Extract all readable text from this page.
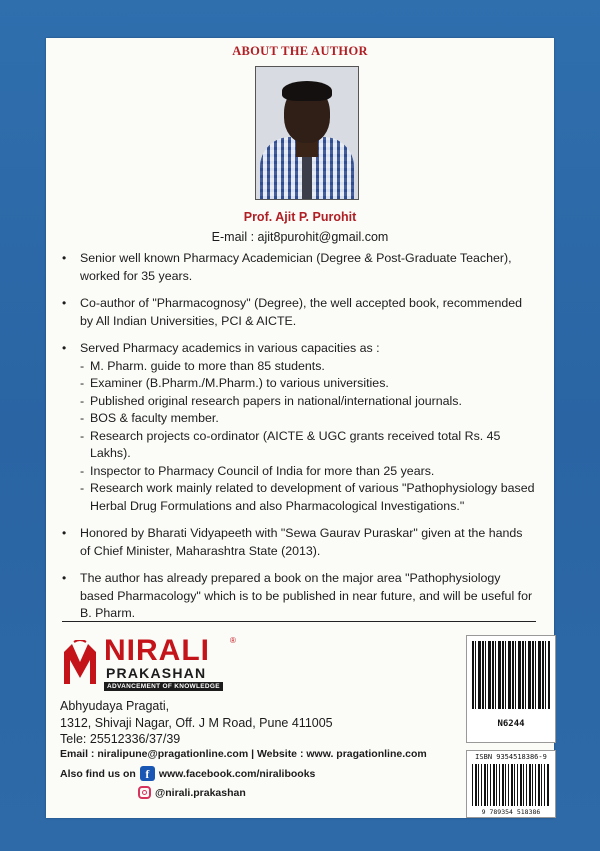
ABOUT THE AUTHOR
Prof. Ajit P. Purohit
E-mail : ajit8purohit@gmail.com
•	Senior well known Pharmacy Academician (Degree & Post-Graduate Teacher), worked for 35 years.
•	Co-author of "Pharmacognosy" (Degree), the well accepted book, recommended by All Indian Universities, PCI & AICTE.
•	Served Pharmacy academics in various capacities as :
- M. Pharm. guide to more than 85 students.
- Examiner (B.Pharm./M.Pharm.) to various universities.
- Published original research papers in national/international journals.
- BOS & faculty member.
- Research projects co-ordinator (AICTE & UGC grants received total Rs. 45 Lakhs).
- Inspector to Pharmacy Council of India for more than 25 years.
- Research work mainly related to development of various "Pathophysiology based Herbal Drug Formulations and also Pharmacological Investigations."
•	Honored by Bharati Vidyapeeth with "Sewa Gaurav Puraskar" given at the hands of Chief Minister, Maharashtra State (2013).
•	The author has already prepared a book on the major area "Pathophysiology based Pharmacology" which is to be published in near future, and will be useful for B. Pharm.
NIRALI	®
PRAKASHAN
ADVANCEMENT OF KNOWLEDGE
Abhyudaya Pragati,
1312, Shivaji Nagar, Off. J M Road, Pune 411005
Tele: 25512336/37/39
Email : niralipune@pragationline.com | Website : www. pragationline.com
Also find us on f www.facebook.com/niralibooks
@nirali.prakashan
N6244
ISBN 9354518386-9
9 789354 518386
